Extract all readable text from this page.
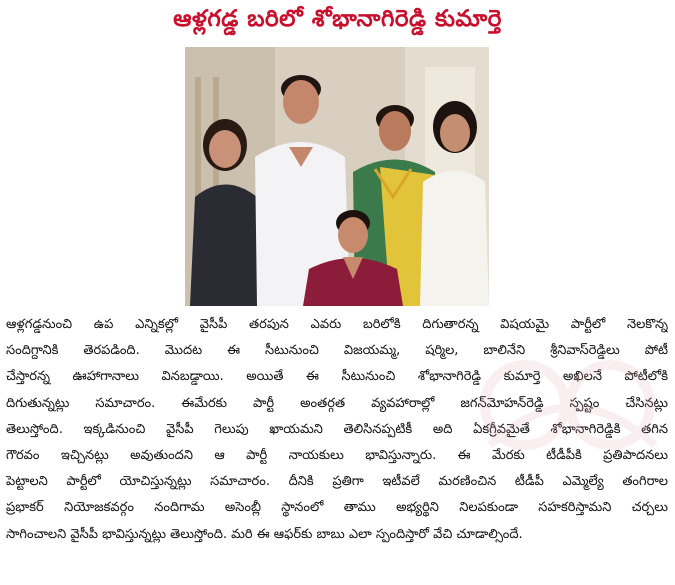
ఆళ్లగడ్డ బరిలో శోభానాగిరెడ్డి కుమార్తె
ఆళ్లగడ్డనుంచి ఉప ఎన్నికల్లో వైసీపీ తరపున ఎవరు బరిలోకి దిగుతారన్న విషయమై పార్టీలో నెలకొన్న
సందిగ్దానికి తెరపడింది. మొదట ఈ సీటునుంచి విజయమ్మ, షర్మిల, బాలినేని శ్రీనివాస్‌రెడ్డిలు పోటీ
చేస్తారన్న ఊహాగానాలు వినబడ్డాయి. అయితే ఈ సీటునుంచి శోభానాగిరెడ్డి కుమార్తె అఖిలనే పోటీలోకి
దిగుతున్నట్లు సమాచారం. ఈమేరకు పార్టీ అంతర్గత వ్యవహారాల్లో జగన్‌మోహన్‌రెడ్డి స్పష్టం చేసినట్లు
తెలుస్తోంది. ఇక్కడినుంచి వైసీపీ గెలుపు ఖాయమని తెలిసినప్పటికీ అది ఏకగ్రీవమైతే శోభానాగిరెడ్డికి తగిన
గౌరవం ఇచ్చినట్లు అవుతుందని ఆ పార్టీ నాయకులు భావిస్తున్నారు. ఈ మేరకు టీడీపీకి ప్రతిపాదనలు
పెట్టాలని పార్టీలో యోచిస్తున్నట్లు సమాచారం. దీనికి ప్రతిగా ఇటీవలే మరణించిన టీడీపీ ఎమ్మెల్యే తంగిరాల
ప్రభాకర్ నియోజకవర్గం నందిగామ అసెంబ్లీ స్థానంలో తాము అభ్యర్థిని నిలపకుండా సహకరిస్తామని చర్చలు
సాగించాలని వైసీపీ భావిస్తున్నట్లు తెలుస్తోంది. మరి ఈ ఆఫర్‌కు బాబు ఎలా స్పందిస్తారో వేచి చూడాల్సిందే.
